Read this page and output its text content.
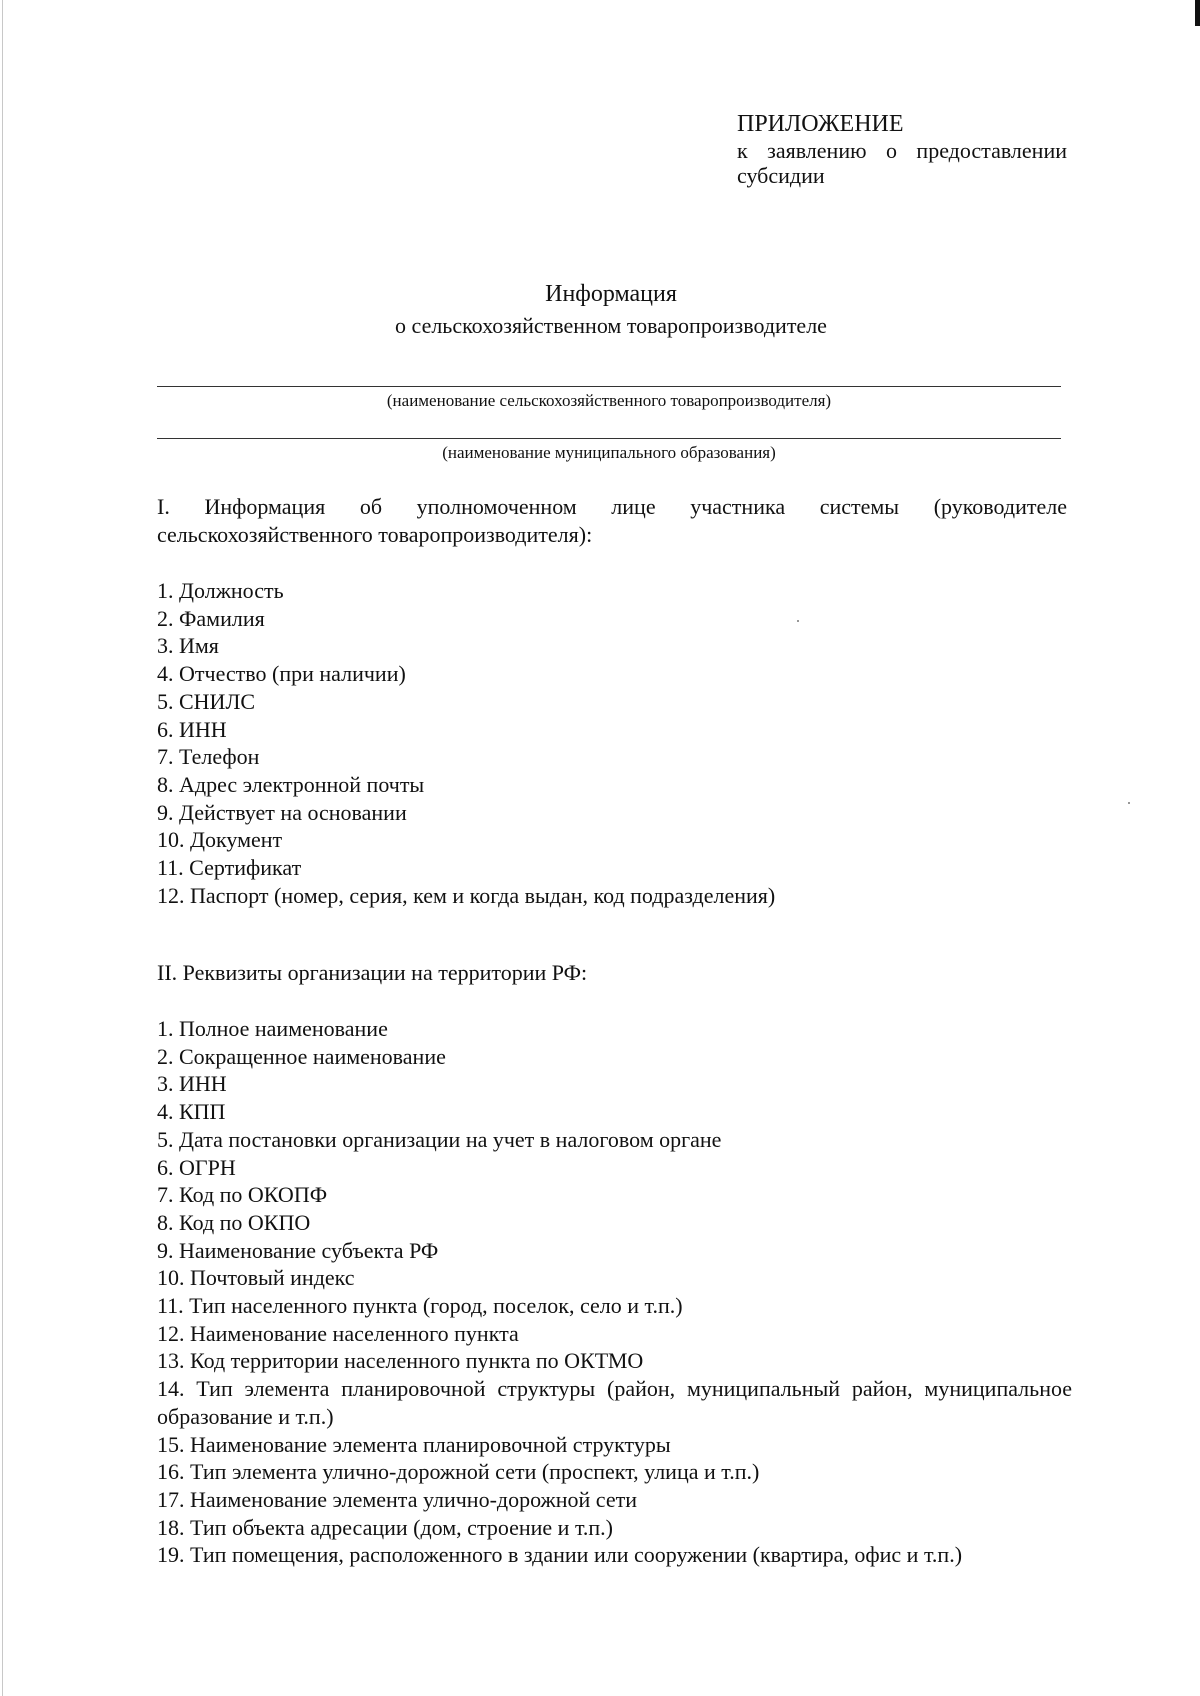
ПРИЛОЖЕНИЕ

к заявлению о предоставлении субсидии

Информация
о сельскохозяйственном товаропроизводителе
(наименование сельскохозяйственного товаропроизводителя)
(наименование муниципального образования)
I. Информация об уполномоченном лице участника системы (руководителе сельскохозяйственного товаропроизводителя):
1. Должность
2. Фамилия
3. Имя
4. Отчество (при наличии)
5. СНИЛС
6. ИНН
7. Телефон
8. Адрес электронной почты
9. Действует на основании
10. Документ
11. Сертификат
12. Паспорт (номер, серия, кем и когда выдан, код подразделения)
II. Реквизиты организации на территории РФ:
1. Полное наименование
2. Сокращенное наименование
3. ИНН
4. КПП
5. Дата постановки организации на учет в налоговом органе
6. ОГРН
7. Код по ОКОПФ
8. Код по ОКПО
9. Наименование субъекта РФ
10. Почтовый индекс
11. Тип населенного пункта (город, поселок, село и т.п.)
12. Наименование населенного пункта
13. Код территории населенного пункта по ОКТМО
14. Тип элемента планировочной структуры (район, муниципальный район, муниципальное образование и т.п.)
15. Наименование элемента планировочной структуры
16. Тип элемента улично-дорожной сети (проспект, улица и т.п.)
17. Наименование элемента улично-дорожной сети
18. Тип объекта адресации (дом, строение и т.п.)
19. Тип помещения, расположенного в здании или сооружении (квартира, офис и т.п.)
